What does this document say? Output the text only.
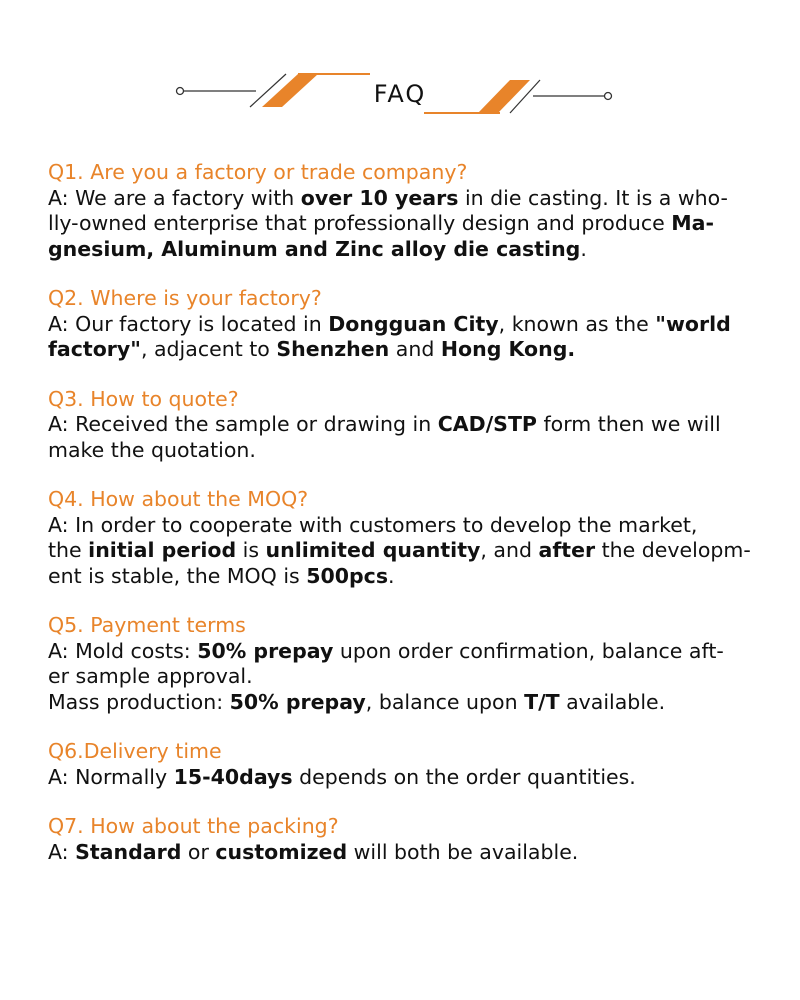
FAQ
Q1. Are you a factory or trade company?
A: We are a factory with over 10 years in die casting. It is a who-
lly-owned enterprise that professionally design and produce Ma-
gnesium, Aluminum and Zinc alloy die casting.
Q2. Where is your factory?
A: Our factory is located in Dongguan City, known as the "world
factory", adjacent to Shenzhen and Hong Kong.
Q3. How to quote?
A: Received the sample or drawing in CAD/STP form then we will
make the quotation.
Q4. How about the MOQ?
A: In order to cooperate with customers to develop the market,
the initial period is unlimited quantity, and after the developm-
ent is stable, the MOQ is 500pcs.
Q5. Payment terms
A: Mold costs: 50% prepay upon order confirmation, balance aft-
er sample approval.
Mass production: 50% prepay, balance upon T/T available.
Q6.Delivery time
A: Normally 15-40days depends on the order quantities.
Q7. How about the packing?
A: Standard or customized will both be available.
